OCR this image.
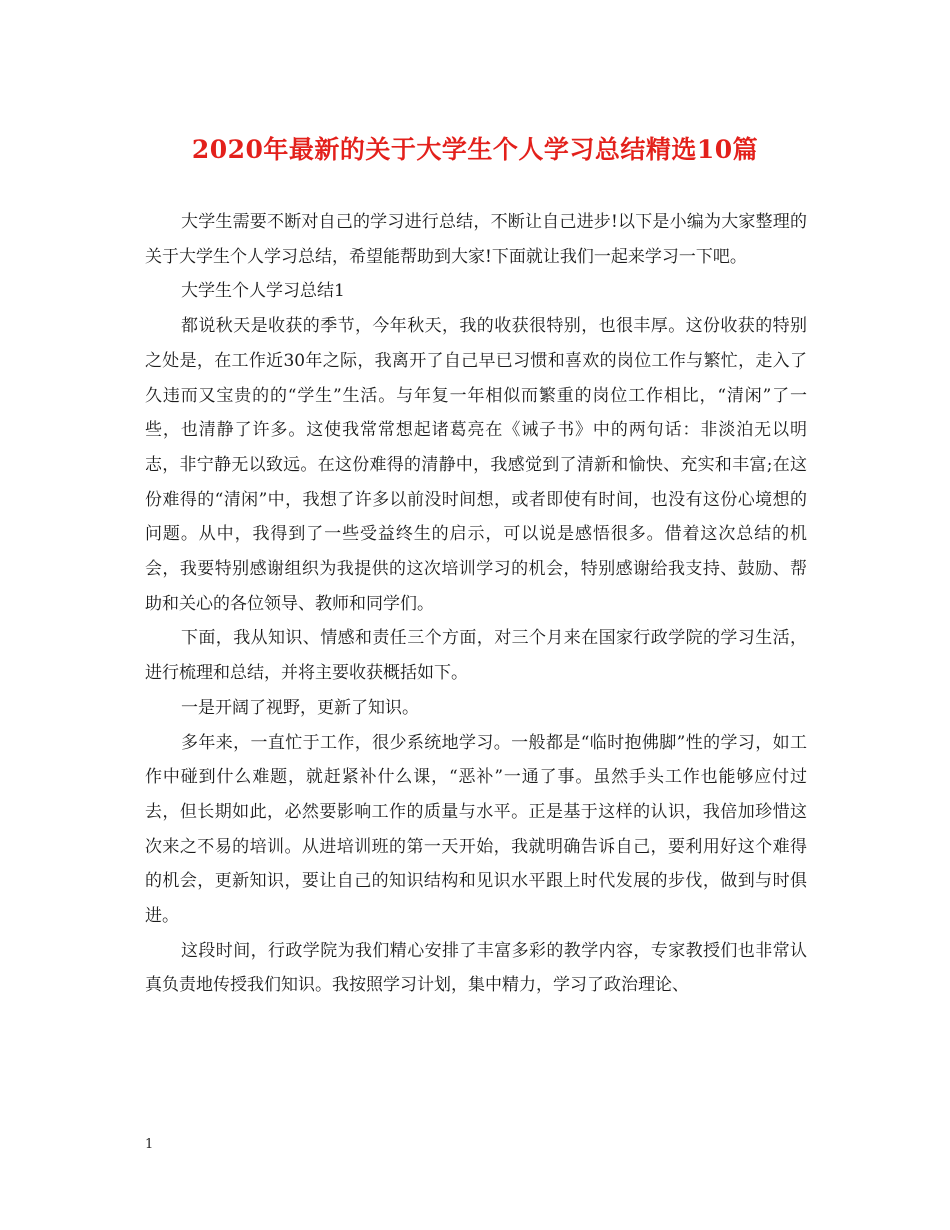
2020年最新的关于大学生个人学习总结精选10篇

大学生需要不断对自己的学习进行总结，不断让自己进步!以下是小编为大家整理的关于大学生个人学习总结，希望能帮助到大家!下面就让我们一起来学习一下吧。

大学生个人学习总结1

都说秋天是收获的季节，今年秋天，我的收获很特别，也很丰厚。这份收获的特别之处是，在工作近30年之际，我离开了自己早已习惯和喜欢的岗位工作与繁忙，走入了久违而又宝贵的的“学生”生活。与年复一年相似而繁重的岗位工作相比，“清闲”了一些，也清静了许多。这使我常常想起诸葛亮在《诫子书》中的两句话：非淡泊无以明志，非宁静无以致远。在这份难得的清静中，我感觉到了清新和愉快、充实和丰富;在这份难得的“清闲”中，我想了许多以前没时间想，或者即使有时间，也没有这份心境想的问题。从中，我得到了一些受益终生的启示，可以说是感悟很多。借着这次总结的机会，我要特别感谢组织为我提供的这次培训学习的机会，特别感谢给我支持、鼓励、帮助和关心的各位领导、教师和同学们。

下面，我从知识、情感和责任三个方面，对三个月来在国家行政学院的学习生活，进行梳理和总结，并将主要收获概括如下。

一是开阔了视野，更新了知识。

多年来，一直忙于工作，很少系统地学习。一般都是“临时抱佛脚”性的学习，如工作中碰到什么难题，就赶紧补什么课，“恶补”一通了事。虽然手头工作也能够应付过去，但长期如此，必然要影响工作的质量与水平。正是基于这样的认识，我倍加珍惜这次来之不易的培训。从进培训班的第一天开始，我就明确告诉自己，要利用好这个难得的机会，更新知识，要让自己的知识结构和见识水平跟上时代发展的步伐，做到与时俱进。

这段时间，行政学院为我们精心安排了丰富多彩的教学内容，专家教授们也非常认真负责地传授我们知识。我按照学习计划，集中精力，学习了政治理论、

1
